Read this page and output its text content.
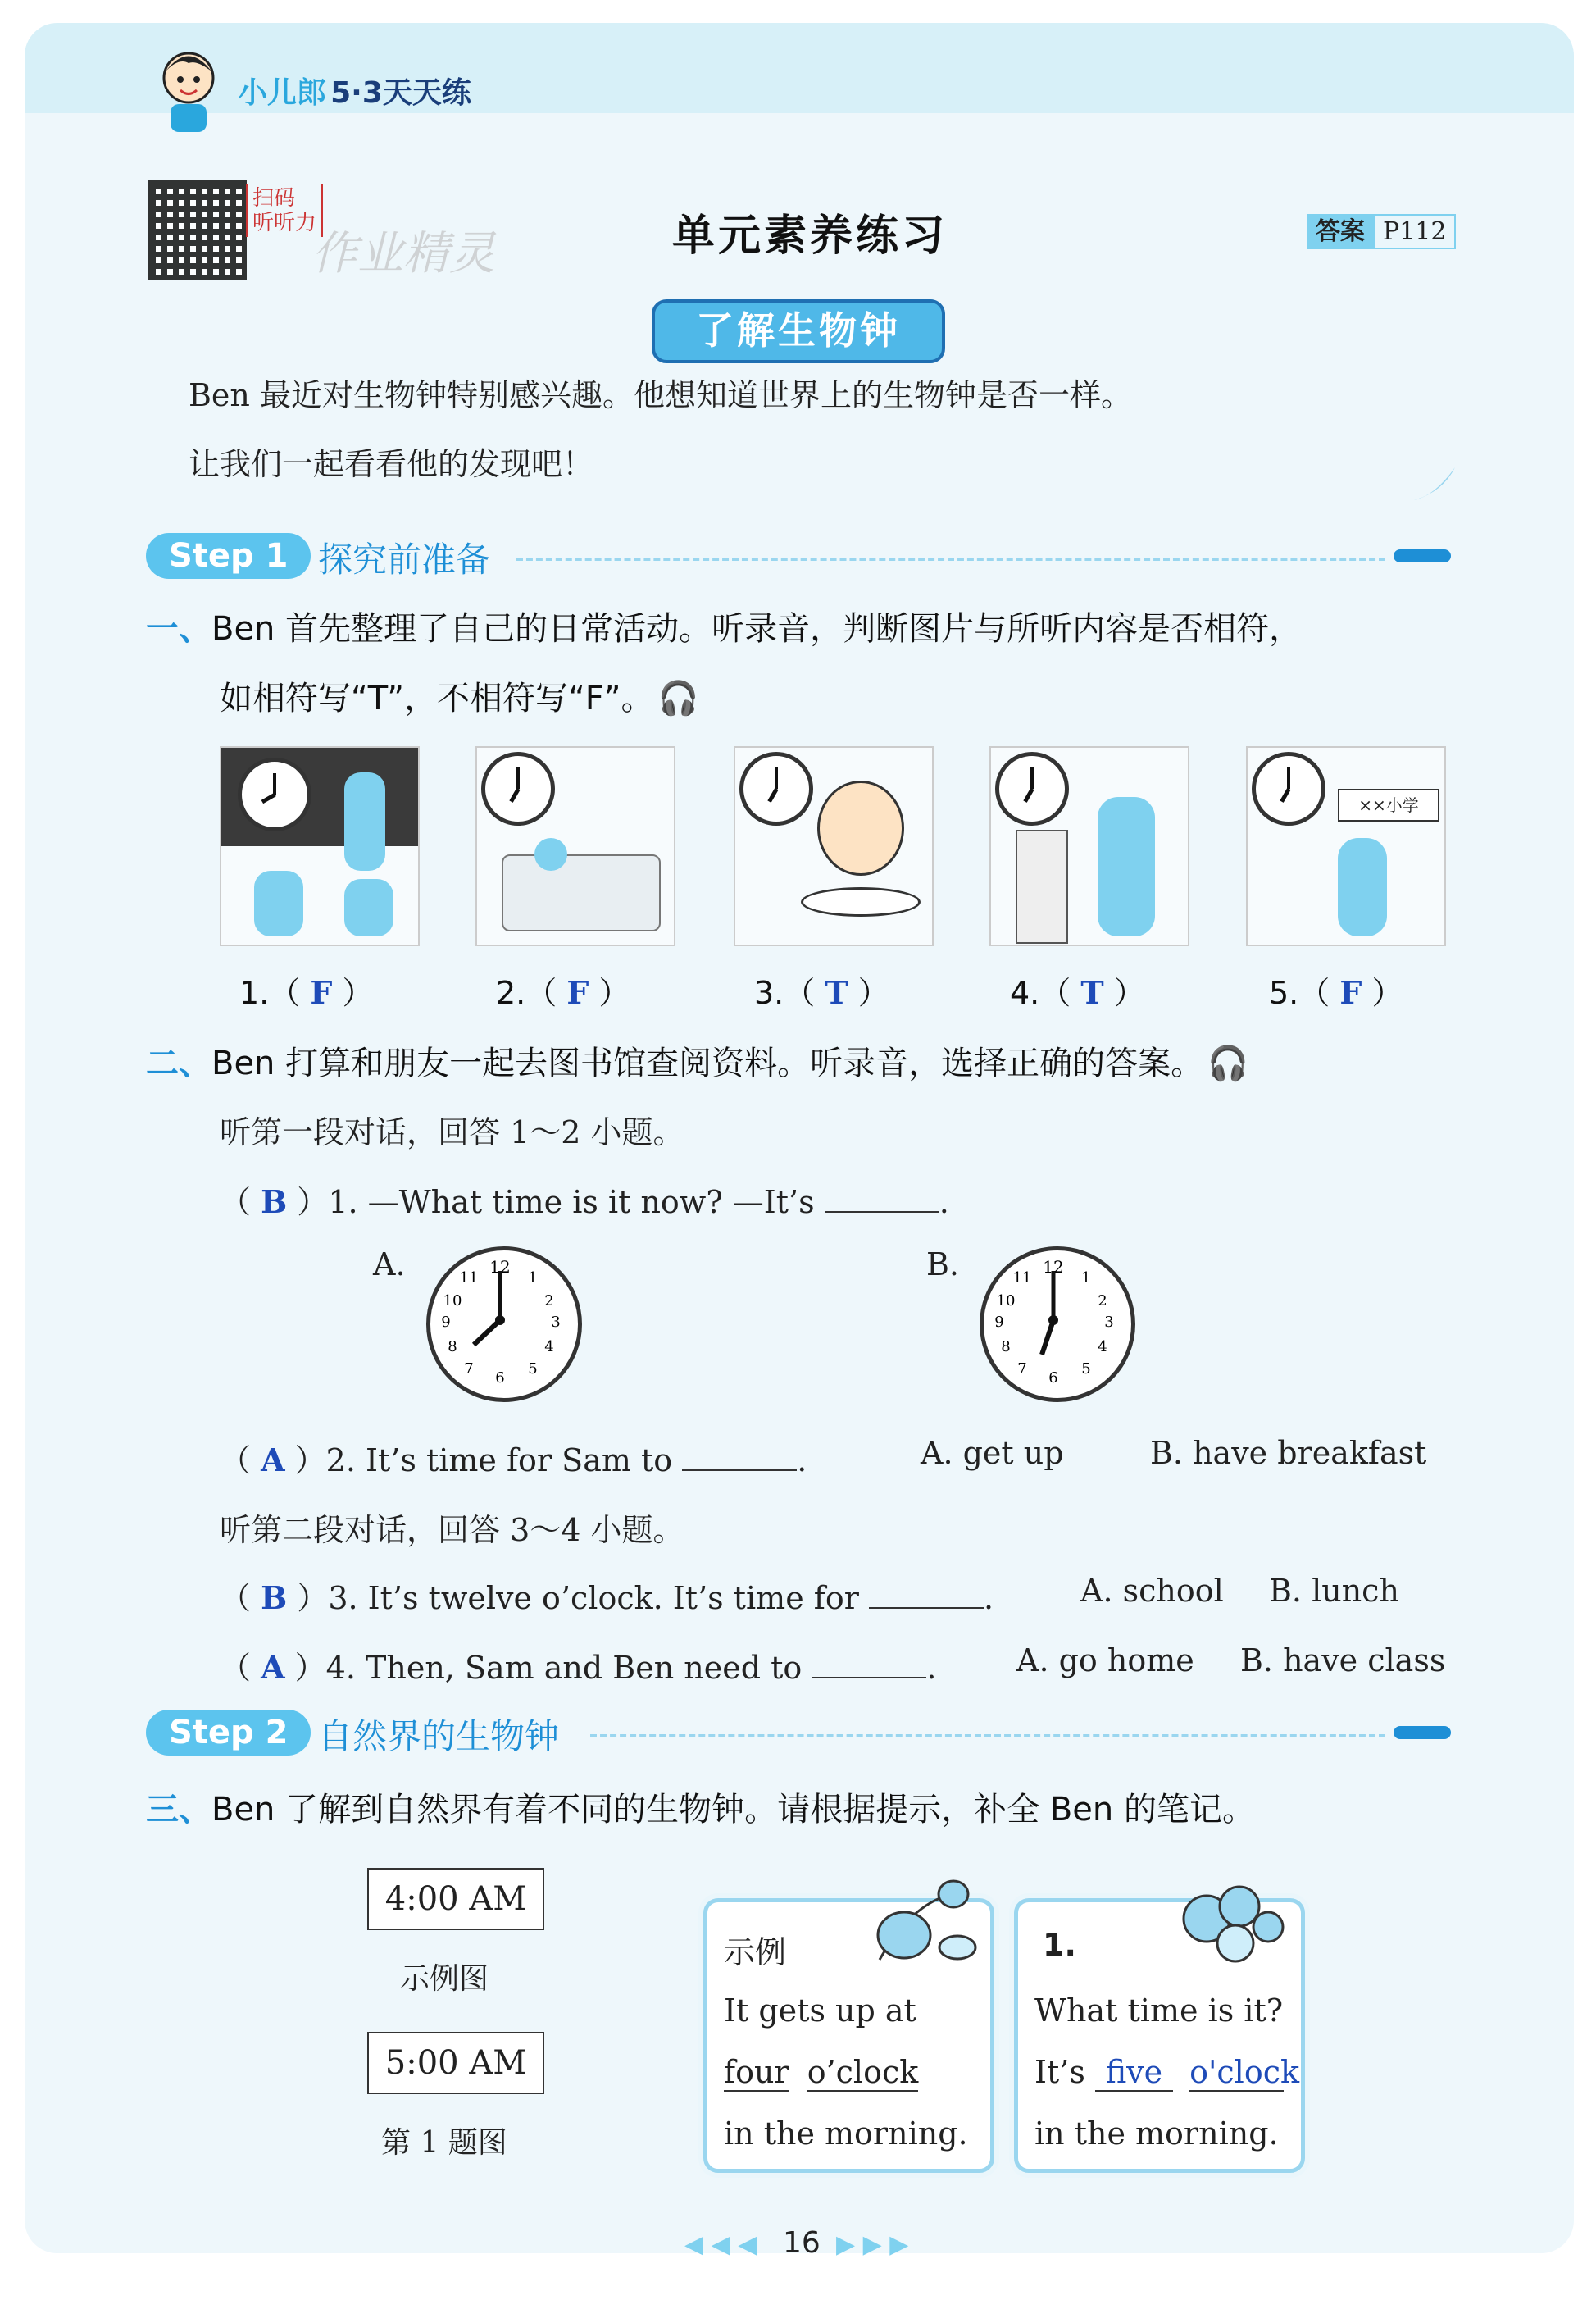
小儿郎 5·3天天练
扫码
听听力
作业精灵	单元素养练习	答案 P112
了解生物钟
Ben 最近对生物钟特别感兴趣。他想知道世界上的生物钟是否一样。
让我们一起看看他的发现吧！
Step 1 探究前准备
一、Ben 首先整理了自己的日常活动。听录音，判断图片与所听内容是否相符，
如相符写“T”，不相符写“F”。 🎧
××小学
1.（ F ）	2.（ F ）	3.（ T ）	4.（ T ）	5.（ F ）
二、Ben 打算和朋友一起去图书馆查阅资料。听录音，选择正确的答案。 🎧
听第一段对话，回答 1～2 小题。
（ B ）1. —What time is it now? —It’s	.
A.	12
1
2
3
4
5
6
7
8
9
10
11	B.	12
1
2
3
4
5
6
7
8
9
10
11
（ A ）2. It’s time for Sam to	.	A. get up	B. have breakfast
听第二段对话，回答 3～4 小题。
（ B ）3. It’s twelve o’clock. It’s time for	.	A. school B. lunch
（ A ）4. Then, Sam and Ben need to	.	A. go home B. have class
Step 2 自然界的生物钟
三、Ben 了解到自然界有着不同的生物钟。请根据提示，补全 Ben 的笔记。
4:00 AM
示例图
5:00 AM
第 1 题图
示例
It gets up at
four o’clock
in the morning.
1.
What time is it?
It’s five o'clock
in the morning.
◀ ◀ ◀ 16 ▶ ▶ ▶
